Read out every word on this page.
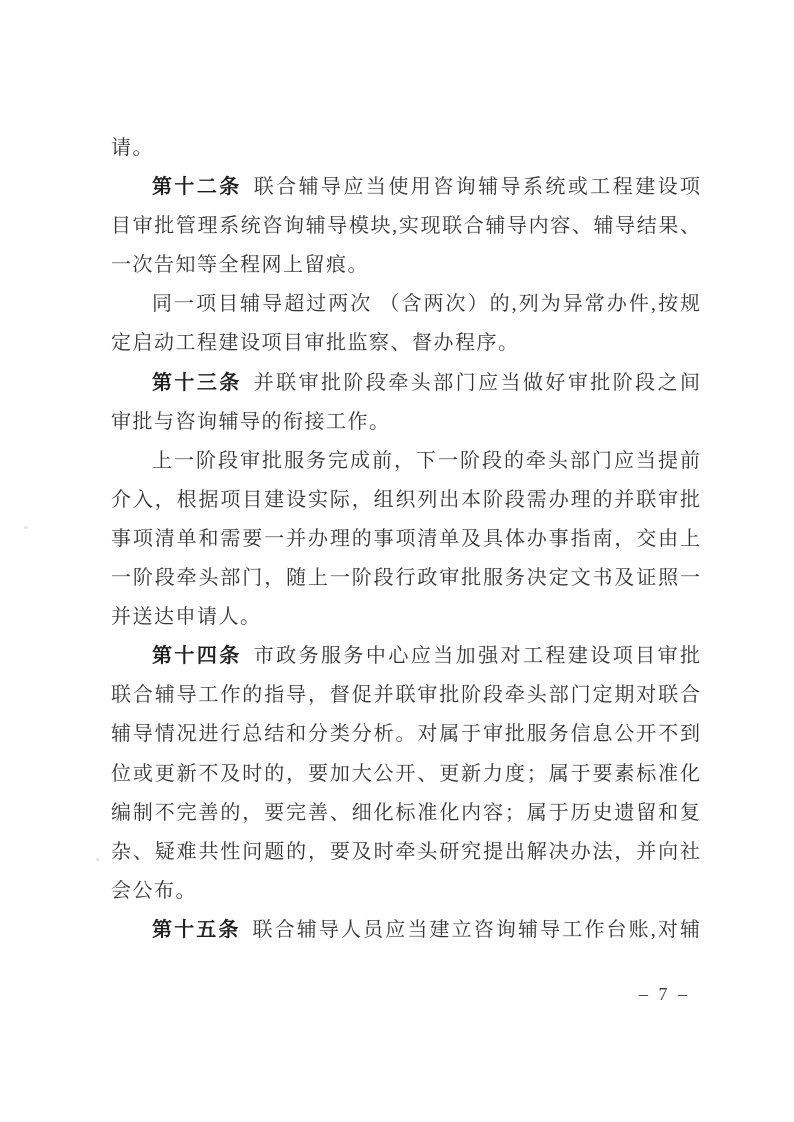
请。
第十二条 联合辅导应当使用咨询辅导系统或工程建设项
目审批管理系统咨询辅导模块,实现联合辅导内容、辅导结果、
一次告知等全程网上留痕。
同一项目辅导超过两次 （含两次）的,列为异常办件,按规
定启动工程建设项目审批监察、督办程序。
第十三条 并联审批阶段牵头部门应当做好审批阶段之间
审批与咨询辅导的衔接工作。
上一阶段审批服务完成前，下一阶段的牵头部门应当提前
介入，根据项目建设实际，组织列出本阶段需办理的并联审批
事项清单和需要一并办理的事项清单及具体办事指南，交由上
一阶段牵头部门，随上一阶段行政审批服务决定文书及证照一
并送达申请人。
第十四条 市政务服务中心应当加强对工程建设项目审批
联合辅导工作的指导，督促并联审批阶段牵头部门定期对联合
辅导情况进行总结和分类分析。对属于审批服务信息公开不到
位或更新不及时的，要加大公开、更新力度；属于要素标准化
编制不完善的，要完善、细化标准化内容；属于历史遗留和复
杂、疑难共性问题的，要及时牵头研究提出解决办法，并向社
会公布。
第十五条 联合辅导人员应当建立咨询辅导工作台账,对辅
– 7 –
